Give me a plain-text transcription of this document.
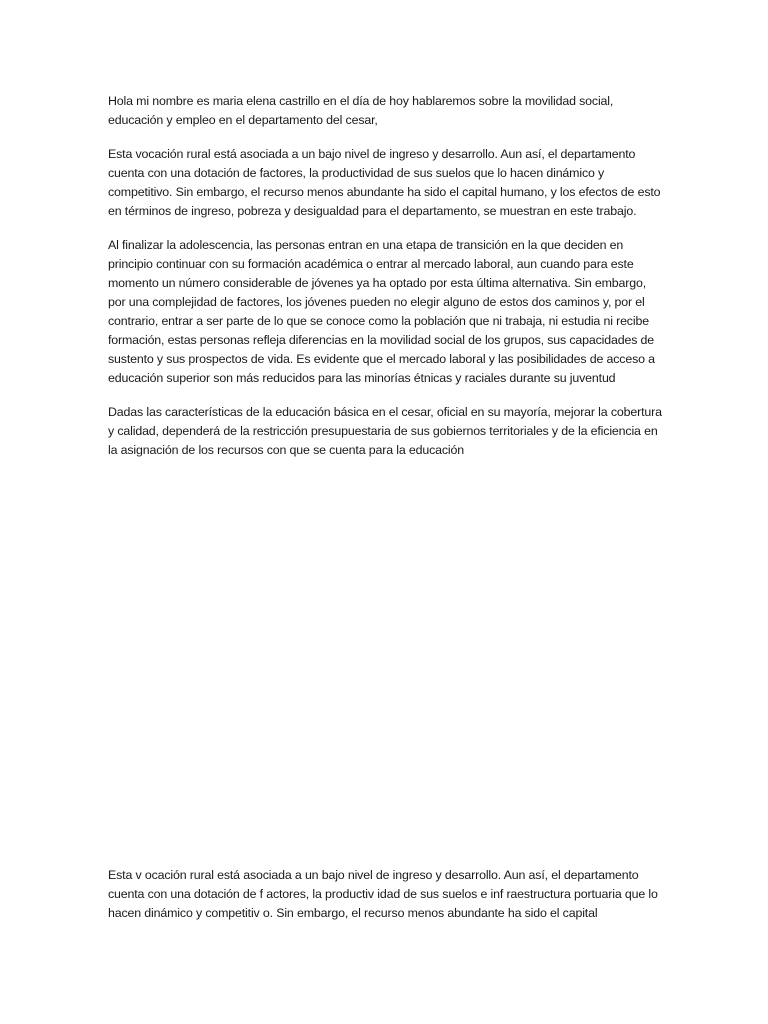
Hola mi nombre es maria elena castrillo en el día de hoy hablaremos sobre la movilidad social, educación y empleo en el departamento del cesar,

Esta vocación rural está asociada a un bajo nivel de ingreso y desarrollo. Aun así, el departamento cuenta con una dotación de factores, la productividad de sus suelos que lo hacen dinámico y competitivo. Sin embargo, el recurso menos abundante ha sido el capital humano, y los efectos de esto en términos de ingreso, pobreza y desigualdad para el departamento, se muestran en este trabajo.

Al finalizar la adolescencia, las personas entran en una etapa de transición en la que deciden en principio continuar con su formación académica o entrar al mercado laboral, aun cuando para este momento un número considerable de jóvenes ya ha optado por esta última alternativa. Sin embargo, por una complejidad de factores, los jóvenes pueden no elegir alguno de estos dos caminos y, por el contrario, entrar a ser parte de lo que se conoce como la población que ni trabaja, ni estudia ni recibe formación, estas personas refleja diferencias en la movilidad social de los grupos, sus capacidades de sustento y sus prospectos de vida. Es evidente que el mercado laboral y las posibilidades de acceso a educación superior son más reducidos para las minorías étnicas y raciales durante su juventud

Dadas las características de la educación básica en el cesar, oficial en su mayoría, mejorar la cobertura y calidad, dependerá de la restricción presupuestaria de sus gobiernos territoriales y de la eficiencia en la asignación de los recursos con que se cuenta para la educación

Esta v ocación rural está asociada a un bajo nivel de ingreso y desarrollo. Aun así, el departamento cuenta con una dotación de f actores, la productiv idad de sus suelos e inf raestructura portuaria que lo hacen dinámico y competitiv o. Sin embargo, el recurso menos abundante ha sido el capital
